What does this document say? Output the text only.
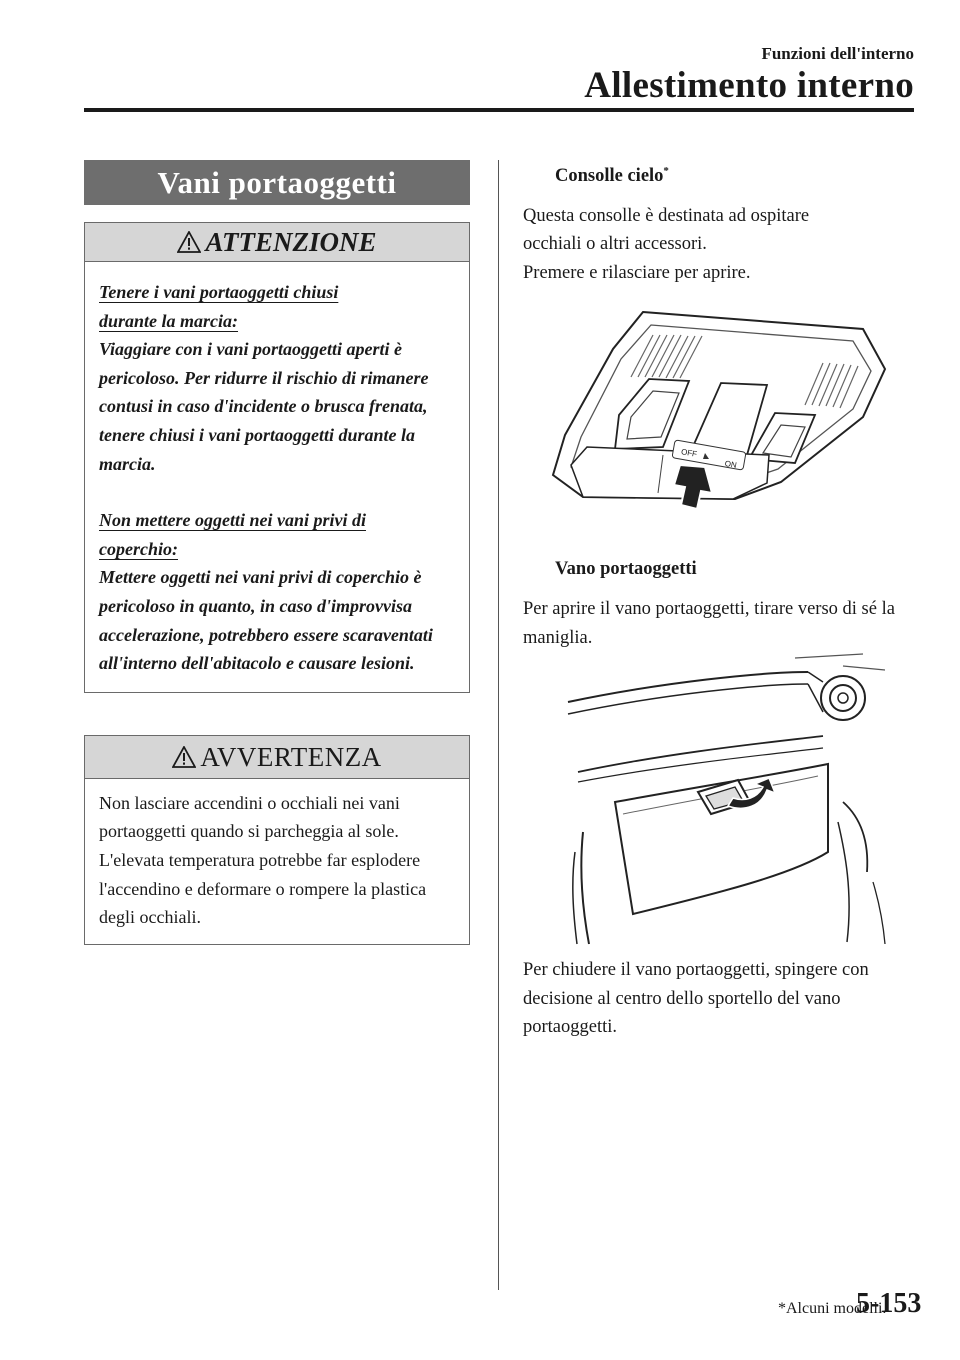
Funzioni dell'interno
Allestimento interno
Vani portaoggetti
ATTENZIONE

Tenere i vani portaoggetti chiusi
durante la marcia:

Viaggiare con i vani portaoggetti aperti è pericoloso. Per ridurre il rischio di rimanere contusi in caso d'incidente o brusca frenata, tenere chiusi i vani portaoggetti durante la marcia.

Non mettere oggetti nei vani privi di
coperchio:

Mettere oggetti nei vani privi di coperchio è pericoloso in quanto, in caso d'improvvisa accelerazione, potrebbero essere scaraventati all'interno dell'abitacolo e causare lesioni.

AVVERTENZA

Non lasciare accendini o occhiali nei vani portaoggetti quando si parcheggia al sole. L'elevata temperatura potrebbe far esplodere l'accendino e deformare o rompere la plastica degli occhiali.

Consolle cielo*

Questa consolle è destinata ad ospitare

occhiali o altri accessori.

Premere e rilasciare per aprire.

OFF
ON

Vano portaoggetti

Per aprire il vano portaoggetti, tirare verso di sé la maniglia.

Per chiudere il vano portaoggetti, spingere con decisione al centro dello sportello del vano portaoggetti.

*Alcuni modelli.
5-153
